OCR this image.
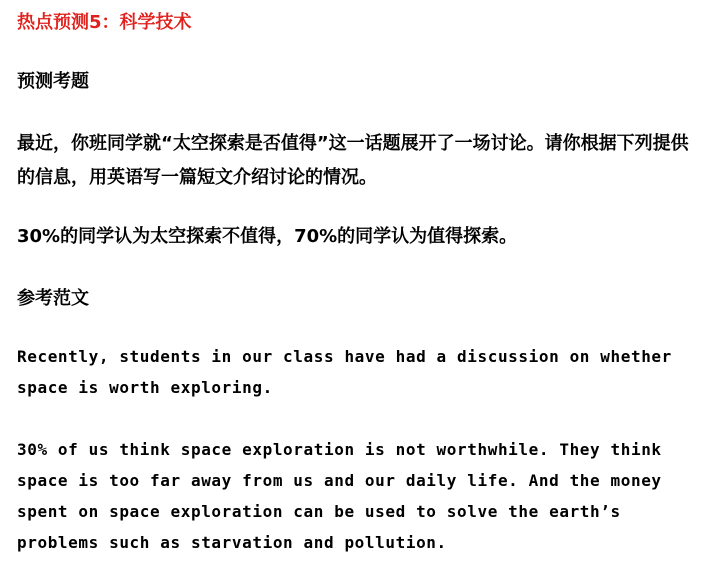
热点预测5：科学技术
预测考题

最近，你班同学就“太空探索是否值得”这一话题展开了一场讨论。请你根据下列提供的信息，用英语写一篇短文介绍讨论的情况。

30%的同学认为太空探索不值得，70%的同学认为值得探索。

参考范文

Recently, students in our class have had a discussion on whether space is worth exploring.

30% of us think space exploration is not worthwhile. They think space is too far away from us and our daily life. And the money spent on space exploration can be used to solve the earth’s problems such as starvation and pollution.
